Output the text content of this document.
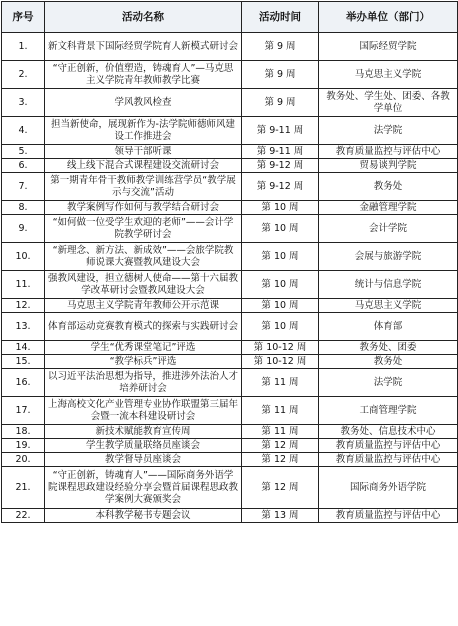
序号	活动名称	活动时间	举办单位（部门）
1.	新文科背景下国际经贸学院育人新模式研讨会	第 9 周	国际经贸学院
2.	“守正创新，价值塑造，铸魂育人”—马克思主义学院青年教师教学比赛	第 9 周	马克思主义学院
3.	学风教风检查	第 9 周	教务处、学生处、团委、各教学单位
4.	担当新使命，展现新作为-法学院师德师风建设工作推进会	第 9-11 周	法学院
5.	领导干部听课	第 9-11 周	教育质量监控与评估中心
6.	线上线下混合式课程建设交流研讨会	第 9-12 周	贸易谈判学院
7.	第一期青年骨干教师教学训练营学员“教学展示与交流”活动	第 9-12 周	教务处
8.	教学案例写作如何与教学结合研讨会	第 10 周	金融管理学院
9.	“如何做一位受学生欢迎的老师”——会计学院教学研讨会	第 10 周	会计学院
10.	“新理念、新方法、新成效”——会旅学院教师说课大赛暨教风建设大会	第 10 周	会展与旅游学院
11.	强教风建设，担立德树人使命——第十六届教学改革研讨会暨教风建设大会	第 10 周	统计与信息学院
12.	马克思主义学院青年教师公开示范课	第 10 周	马克思主义学院
13.	体育部运动竞赛教育模式的探索与实践研讨会	第 10 周	体育部
14.	学生“优秀课堂笔记”评选	第 10-12 周	教务处、团委
15.	“教学标兵”评选	第 10-12 周	教务处
16.	以习近平法治思想为指导，推进涉外法治人才培养研讨会	第 11 周	法学院
17.	上海高校文化产业管理专业协作联盟第三届年会暨一流本科建设研讨会	第 11 周	工商管理学院
18.	新技术赋能教育宣传周	第 11 周	教务处、信息技术中心
19.	学生教学质量联络员座谈会	第 12 周	教育质量监控与评估中心
20.	教学督导员座谈会	第 12 周	教育质量监控与评估中心
21.	“守正创新，铸魂育人”——国际商务外语学院课程思政建设经验分享会暨首届课程思政教学案例大赛颁奖会	第 12 周	国际商务外语学院
22.	本科教学秘书专题会议	第 13 周	教育质量监控与评估中心
